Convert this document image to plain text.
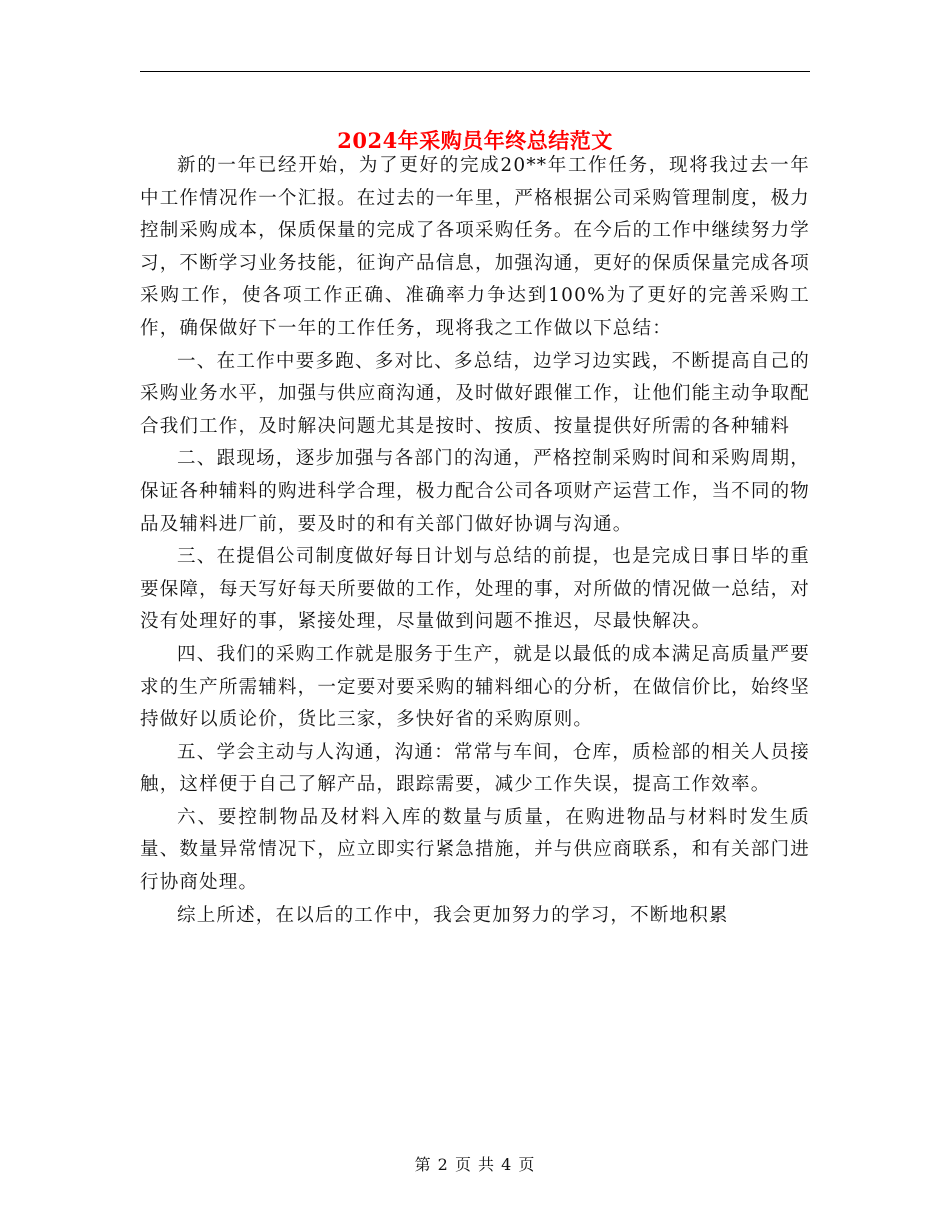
2024年采购员年终总结范文

新的一年已经开始，为了更好的完成20**年工作任务，现将我过去一年中工作情况作一个汇报。在过去的一年里，严格根据公司采购管理制度，极力控制采购成本，保质保量的完成了各项采购任务。在今后的工作中继续努力学习，不断学习业务技能，征询产品信息，加强沟通，更好的保质保量完成各项采购工作，使各项工作正确、准确率力争达到100%为了更好的完善采购工作，确保做好下一年的工作任务，现将我之工作做以下总结：

一、在工作中要多跑、多对比、多总结，边学习边实践，不断提高自己的采购业务水平，加强与供应商沟通，及时做好跟催工作，让他们能主动争取配合我们工作，及时解决问题尤其是按时、按质、按量提供好所需的各种辅料

二、跟现场，逐步加强与各部门的沟通，严格控制采购时间和采购周期，保证各种辅料的购进科学合理，极力配合公司各项财产运营工作，当不同的物品及辅料进厂前，要及时的和有关部门做好协调与沟通。

三、在提倡公司制度做好每日计划与总结的前提，也是完成日事日毕的重要保障，每天写好每天所要做的工作，处理的事，对所做的情况做一总结，对没有处理好的事，紧接处理，尽量做到问题不推迟，尽最快解决。

四、我们的采购工作就是服务于生产，就是以最低的成本满足高质量严要求的生产所需辅料，一定要对要采购的辅料细心的分析，在做信价比，始终坚持做好以质论价，货比三家，多快好省的采购原则。

五、学会主动与人沟通，沟通：常常与车间，仓库，质检部的相关人员接触，这样便于自己了解产品，跟踪需要，减少工作失误，提高工作效率。

六、要控制物品及材料入库的数量与质量，在购进物品与材料时发生质量、数量异常情况下，应立即实行紧急措施，并与供应商联系，和有关部门进行协商处理。

综上所述，在以后的工作中，我会更加努力的学习，不断地积累

第 2 页 共 4 页
